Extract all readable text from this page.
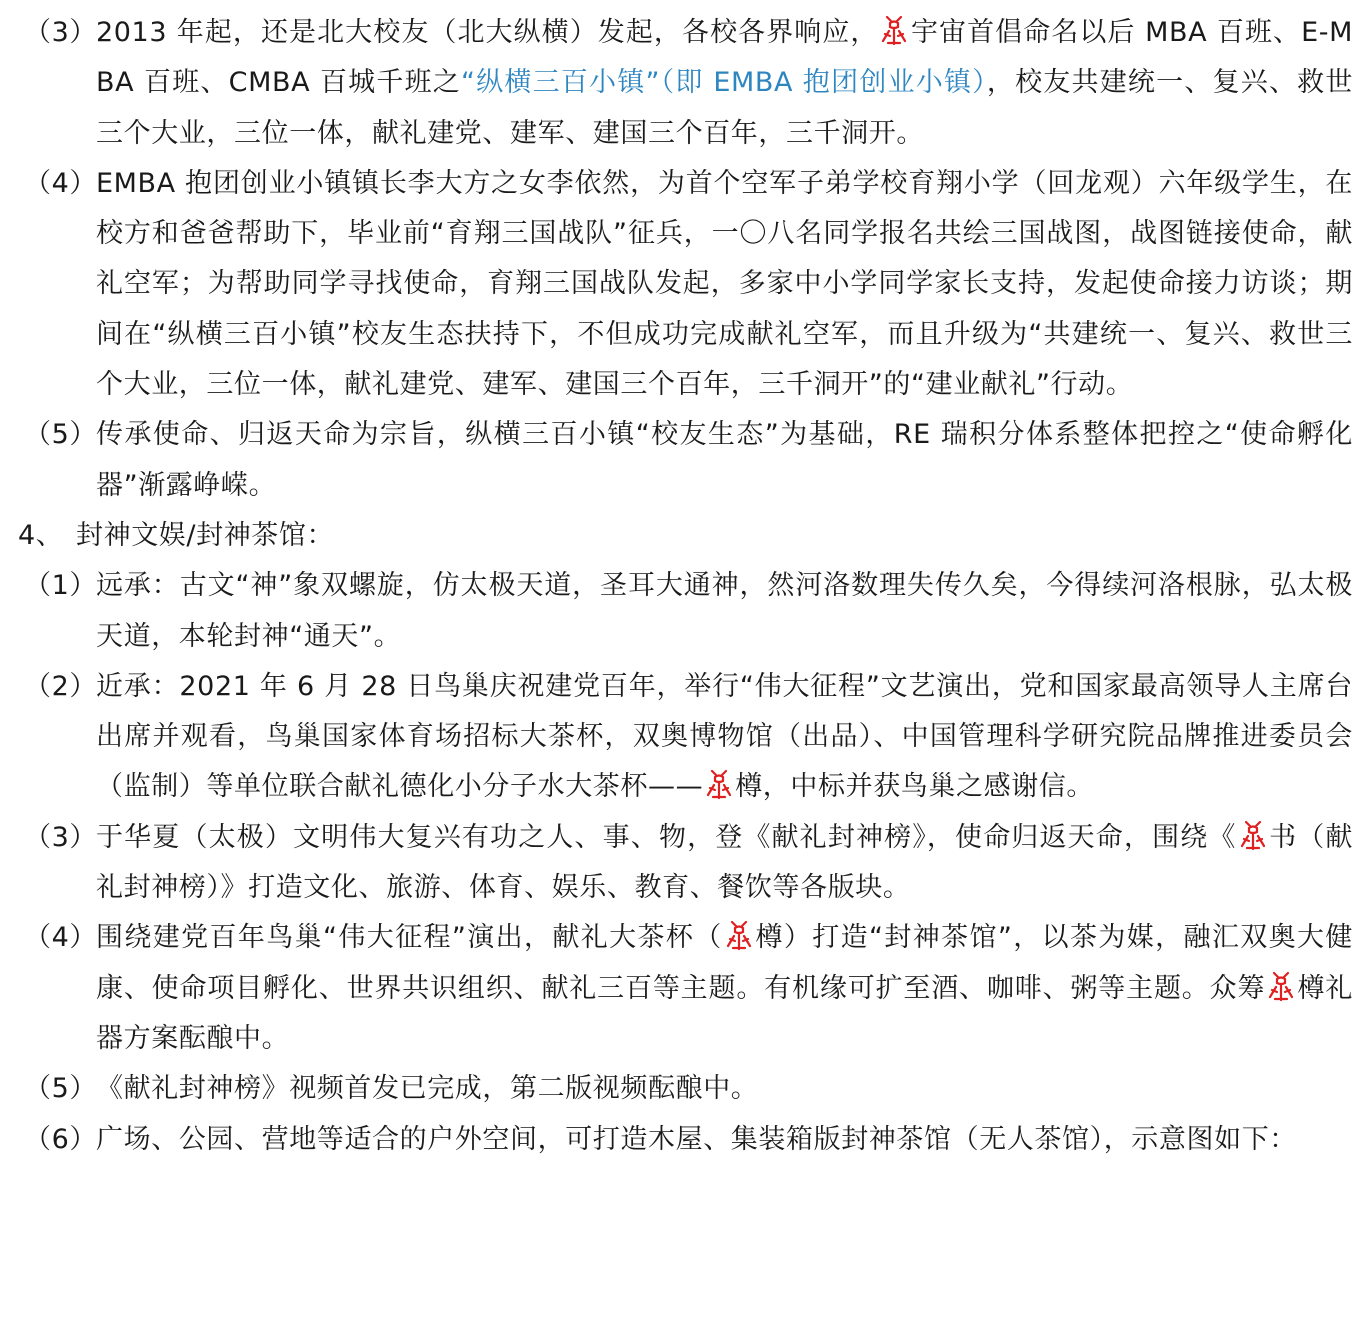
（3） 2013 年起，还是北大校友（北大纵横）发起，各校各界响应， 宇宙首倡命名以后 MBA 百班、E-MBA 百班、CMBA 百城千班之“纵横三百小镇”（即 EMBA 抱团创业小镇），校友共建统一、复兴、救世三个大业，三位一体，献礼建党、建军、建国三个百年，三千洞开。
（4） EMBA 抱团创业小镇镇长李大方之女李依然，为首个空军子弟学校育翔小学（回龙观）六年级学生，在校方和爸爸帮助下，毕业前“育翔三国战队”征兵，一〇八名同学报名共绘三国战图，战图链接使命，献礼空军；为帮助同学寻找使命，育翔三国战队发起，多家中小学同学家长支持，发起使命接力访谈；期间在“纵横三百小镇”校友生态扶持下，不但成功完成献礼空军，而且升级为“共建统一、复兴、救世三个大业，三位一体，献礼建党、建军、建国三个百年，三千洞开”的“建业献礼”行动。
（5） 传承使命、归返天命为宗旨，纵横三百小镇“校友生态”为基础，RE 瑞积分体系整体把控之“使命孵化器”渐露峥嵘。
4、 封神文娱/封神茶馆：
（1） 远承：古文“神”象双螺旋，仿太极天道，圣耳大通神，然河洛数理失传久矣，今得续河洛根脉，弘太极天道，本轮封神“通天”。
（2） 近承：2021 年 6 月 28 日鸟巢庆祝建党百年，举行“伟大征程”文艺演出，党和国家最高领导人主席台出席并观看，鸟巢国家体育场招标大茶杯，双奥博物馆（出品）、中国管理科学研究院品牌推进委员会（监制）等单位联合献礼德化小分子水大茶杯—— 樽，中标并获鸟巢之感谢信。
（3） 于华夏（太极）文明伟大复兴有功之人、事、物，登《献礼封神榜》，使命归返天命，围绕《 书（献礼封神榜）》打造文化、旅游、体育、娱乐、教育、餐饮等各版块。
（4） 围绕建党百年鸟巢“伟大征程”演出，献礼大茶杯（ 樽）打造“封神茶馆”，以茶为媒，融汇双奥大健康、使命项目孵化、世界共识组织、献礼三百等主题。有机缘可扩至酒、咖啡、粥等主题。众筹 樽礼器方案酝酿中。
（5） 《献礼封神榜》视频首发已完成，第二版视频酝酿中。
（6） 广场、公园、营地等适合的户外空间，可打造木屋、集装箱版封神茶馆（无人茶馆），示意图如下：
